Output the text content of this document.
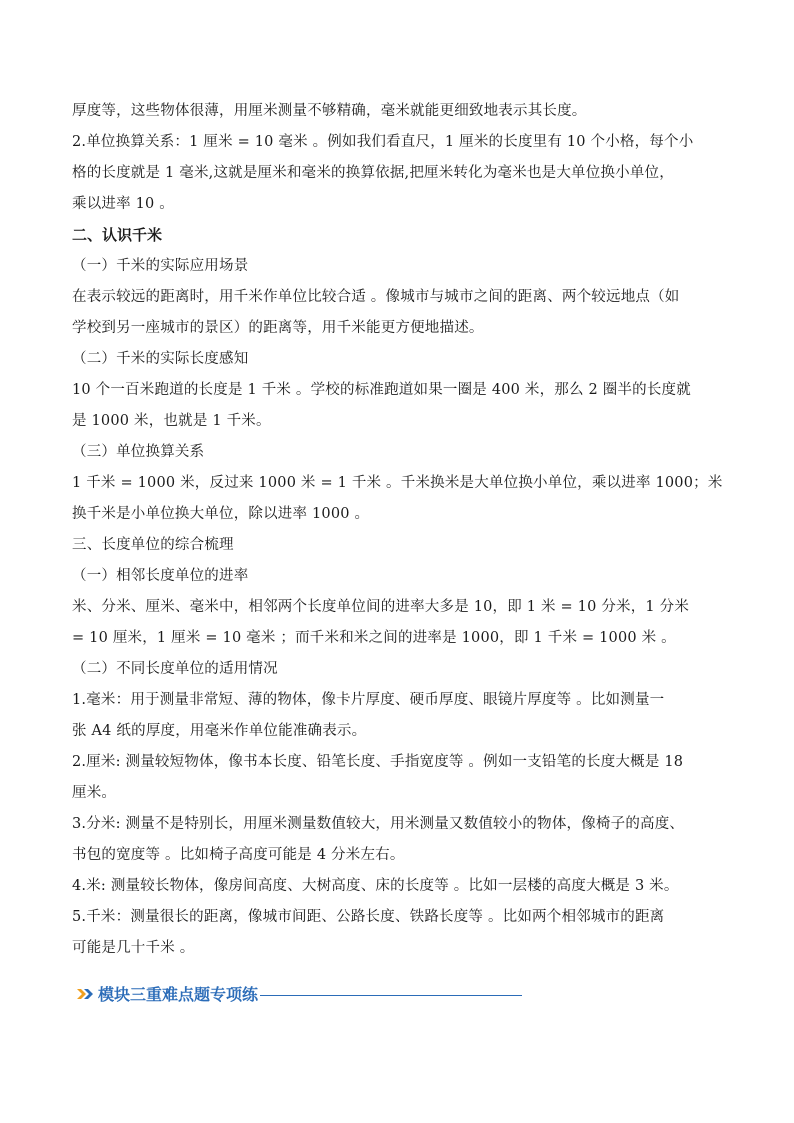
厚度等，这些物体很薄，用厘米测量不够精确，毫米就能更细致地表示其长度。
2.单位换算关系：1 厘米 = 10 毫米 。例如我们看直尺，1 厘米的长度里有 10 个小格，每个小
格的长度就是 1 毫米,这就是厘米和毫米的换算依据,把厘米转化为毫米也是大单位换小单位，
乘以进率 10 。
二、认识千米
（一）千米的实际应用场景
在表示较远的距离时，用千米作单位比较合适 。像城市与城市之间的距离、两个较远地点（如
学校到另一座城市的景区）的距离等，用千米能更方便地描述。
（二）千米的实际长度感知
10 个一百米跑道的长度是 1 千米 。学校的标准跑道如果一圈是 400 米，那么 2 圈半的长度就
是 1000 米，也就是 1 千米。
（三）单位换算关系
1 千米 = 1000 米，反过来 1000 米 = 1 千米 。千米换米是大单位换小单位，乘以进率 1000；米
换千米是小单位换大单位，除以进率 1000 。
三、长度单位的综合梳理
（一）相邻长度单位的进率
米、分米、厘米、毫米中，相邻两个长度单位间的进率大多是 10，即 1 米 = 10 分米，1 分米
= 10 厘米，1 厘米 = 10 毫米 ；而千米和米之间的进率是 1000，即 1 千米 = 1000 米 。
（二）不同长度单位的适用情况
1.毫米：用于测量非常短、薄的物体，像卡片厚度、硬币厚度、眼镜片厚度等 。比如测量一
张 A4 纸的厚度，用毫米作单位能准确表示。
2.厘米: 测量较短物体，像书本长度、铅笔长度、手指宽度等 。例如一支铅笔的长度大概是 18
厘米。
3.分米: 测量不是特别长，用厘米测量数值较大，用米测量又数值较小的物体，像椅子的高度、
书包的宽度等 。比如椅子高度可能是 4 分米左右。
4.米: 测量较长物体，像房间高度、大树高度、床的长度等 。比如一层楼的高度大概是 3 米。
5.千米：测量很长的距离，像城市间距、公路长度、铁路长度等 。比如两个相邻城市的距离
可能是几十千米 。
模块三重难点题专项练
